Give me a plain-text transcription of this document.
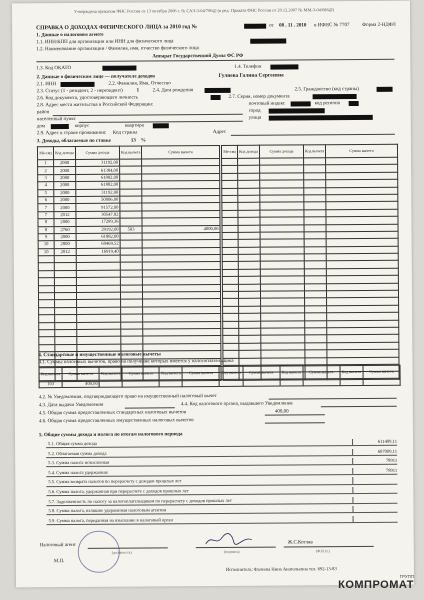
Утверждена приказом ФНС России от 13 октября 2006 г. № САЭ-3-04/706@ (в ред. Приказа ФНС России от 20.12.2007 № ММ-3-04/686@)
СПРАВКА О ДОХОДАХ ФИЗИЧЕСКОГО ЛИЦА за 2010 год №	от 08 . 11 . 2010 в ИФНС № 7707	Форма 2-НДФЛ
1. Данные о налоговом агенте
1.1. ИНН/КПП для организации или ИНН для физического лица
1.2. Наименование организации / Фамилия, имя, отчество физического лица
Аппарат Государственной Думы ФС РФ
1.3. Код ОКАТО	1.4. Телефон
2. Данные о физическом лице — получателе доходов	Гуляева Галина Сергеевна
2.1. ИНН	2.2. Фамилия, Имя, Отчество
2.3. Статус (1 - резидент, 2 - нерезидент)	1	2.4. Дата рождения	2.5. Гражданство (код страны)
2.6. Код документа, удостоверяющего личность	2.7. Серия, номер документа
2.8. Адрес места жительства в Российской Федерации:	почтовый индекс	код региона
район	город
населенный пункт	улица
дом	корпус	квартира
2.9. Адрес в стране проживания: Код страны	Адрес
3. Доходы, облагаемые по ставке	13 %
Ме-сяц	Код дохода	Сумма дохода	Код вычета	Сумма вычета
1	2000	31192,00		
2	2000	61384,00		
3	2000	61882,00		
4	2000	61882,00		
5	2000	31192,00		
6	2000	50006,00		
7	2000	91572,00		
7	2012	30547,82		
8	2000	17289,36		
8	2760	29192,00	503	4000,00
9	2000	61882,00		
10	2000	69469,52		
10	2012	16919,40		

Ме-сяц	Код дохода	Сумма дохода	Код вычета	Сумма вычета

4. Стандартные и имущественные налоговые вычеты
4.1. Суммы налоговых вычетов, право на получение которых имеется у налогоплательщика
Код вычета	Сумма вычета	Код вычета	Сумма вычета	Код вычета	Сумма вычета	Код вычета	Сумма вычета	Код вычета	Сумма вычета	Код вычета	Сумма вычета
103	400,00										
4.2. № Уведомления, подтверждающего право на имущественный налоговый вычет
4.3. Дата выдачи Уведомления	4.4. Код налогового органа, выдавшего Уведомление
4.5. Общая сумма предоставленных стандартных налоговых вычетов	400,00
4.6. Общая сумма предоставленных имущественных налоговых вычетов
5. Общие суммы дохода и налога по итогам налогового периода
5.1. Общая сумма дохода	611409,11
5.2. Облагаемая сумма дохода	607009,11
5.3. Сумма налога исчисленная	78911
5.4. Сумма налога удержанная	78911
5.5. Сумма возврата налогов по перерасчету с доходов прошлых лет
5.6. Сумма налога, удержанная при перерасчете с доходов прошлых лет
5.7. Задолженность по налогу за налогоплательщиком по перерасчету с доходов прошлых лет
5.8. Сумма налога, излишне удержанная налоговым агентом
5.9. Сумма налога, переданная на взыскание в налоговый орган
Налоговый агент
(должность)	(подпись)
Ж.С.Котляв
(Ф.И.О.)
М.П.
Исполнитель: Фалеева Нина Анатольевна тел. 692-13-83
ГРУПП
КОМПРОМАТ
